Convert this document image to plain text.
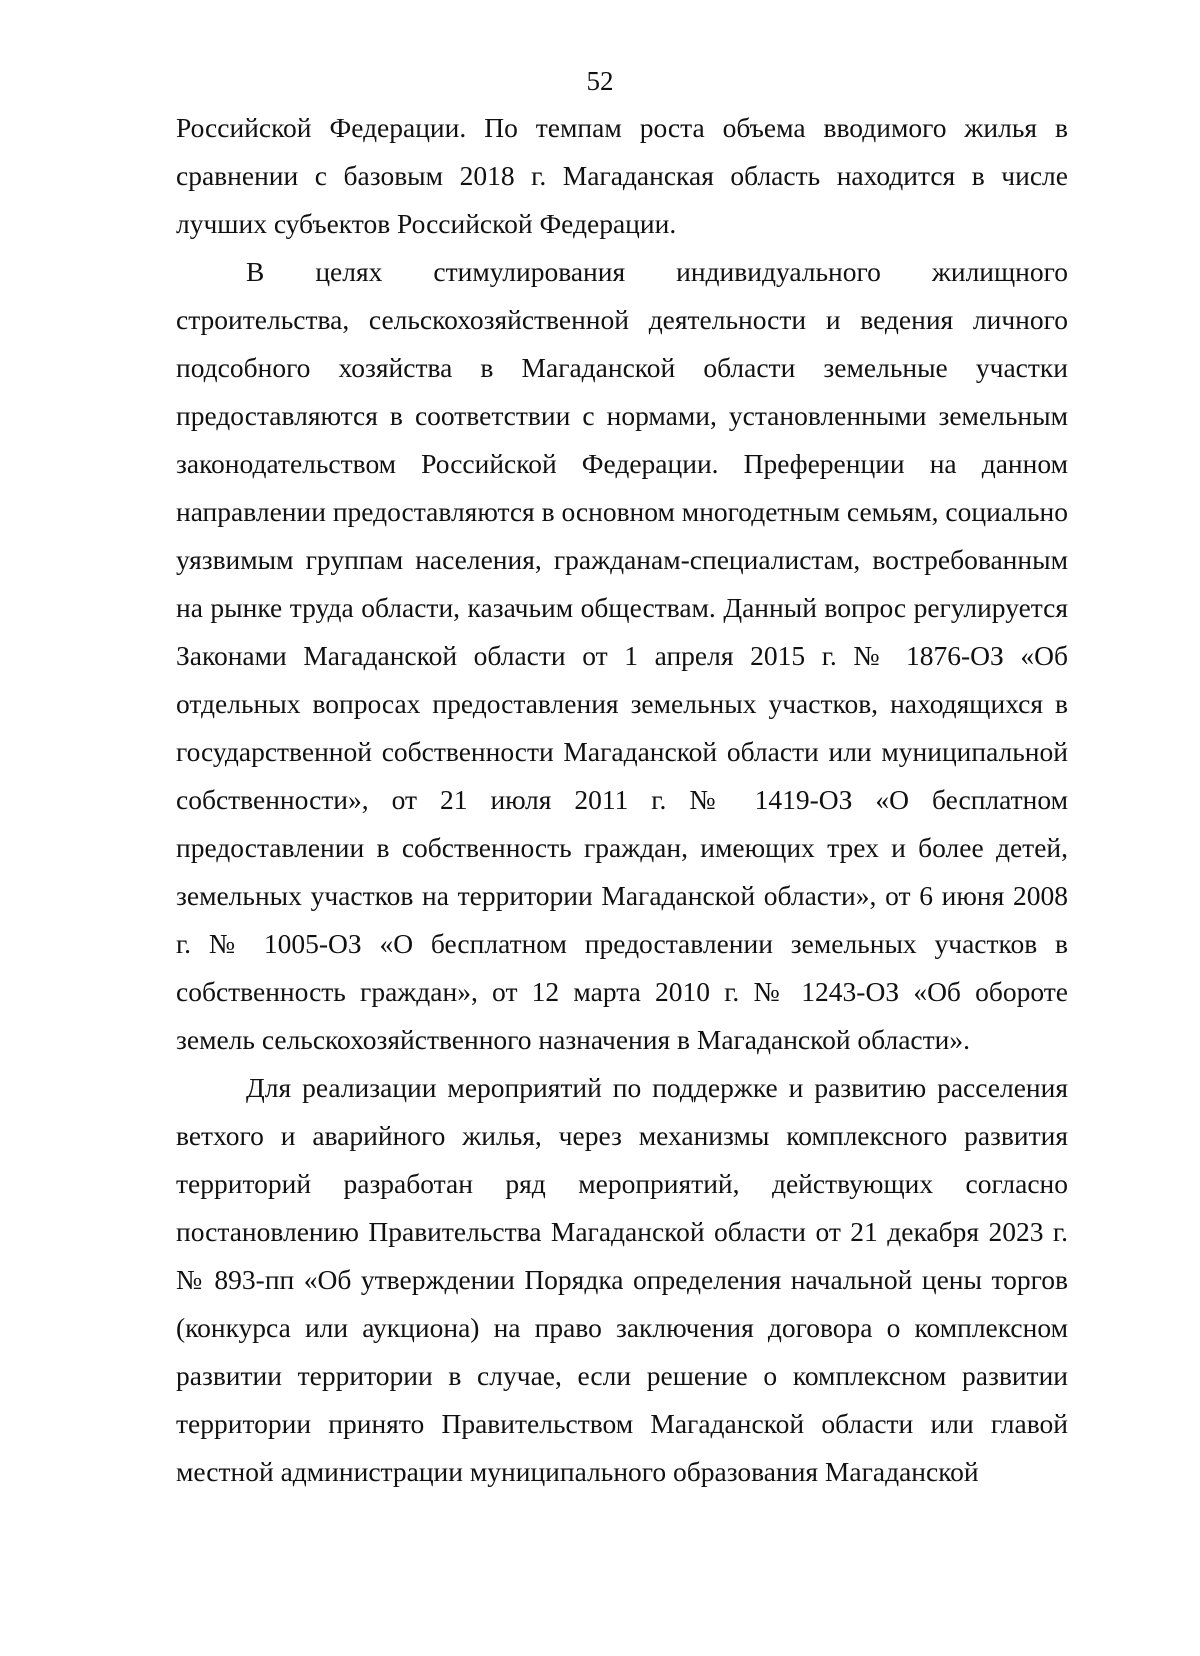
52

Российской Федерации. По темпам роста объема вводимого жилья в сравнении с базовым 2018 г. Магаданская область находится в числе лучших субъектов Российской Федерации.

В целях стимулирования индивидуального жилищного строительства, сельскохозяйственной деятельности и ведения личного подсобного хозяйства в Магаданской области земельные участки предоставляются в соответствии с нормами, установленными земельным законодательством Российской Федерации. Преференции на данном направлении предоставляются в основном многодетным семьям, социально уязвимым группам населения, гражданам-специалистам, востребованным на рынке труда области, казачьим обществам. Данный вопрос регулируется Законами Магаданской области от 1 апреля 2015 г. № 1876-ОЗ «Об отдельных вопросах предоставления земельных участков, находящихся в государственной собственности Магаданской области или муниципальной собственности», от 21 июля 2011 г. № 1419-ОЗ «О бесплатном предоставлении в собственность граждан, имеющих трех и более детей, земельных участков на территории Магаданской области», от 6 июня 2008 г. № 1005-ОЗ «О бесплатном предоставлении земельных участков в собственность граждан», от 12 марта 2010 г. № 1243-ОЗ «Об обороте земель сельскохозяйственного назначения в Магаданской области».

Для реализации мероприятий по поддержке и развитию расселения ветхого и аварийного жилья, через механизмы комплексного развития территорий разработан ряд мероприятий, действующих согласно постановлению Правительства Магаданской области от 21 декабря 2023 г. № 893-пп «Об утверждении Порядка определения начальной цены торгов (конкурса или аукциона) на право заключения договора о комплексном развитии территории в случае, если решение о комплексном развитии территории принято Правительством Магаданской области или главой местной администрации муниципального образования Магаданской
